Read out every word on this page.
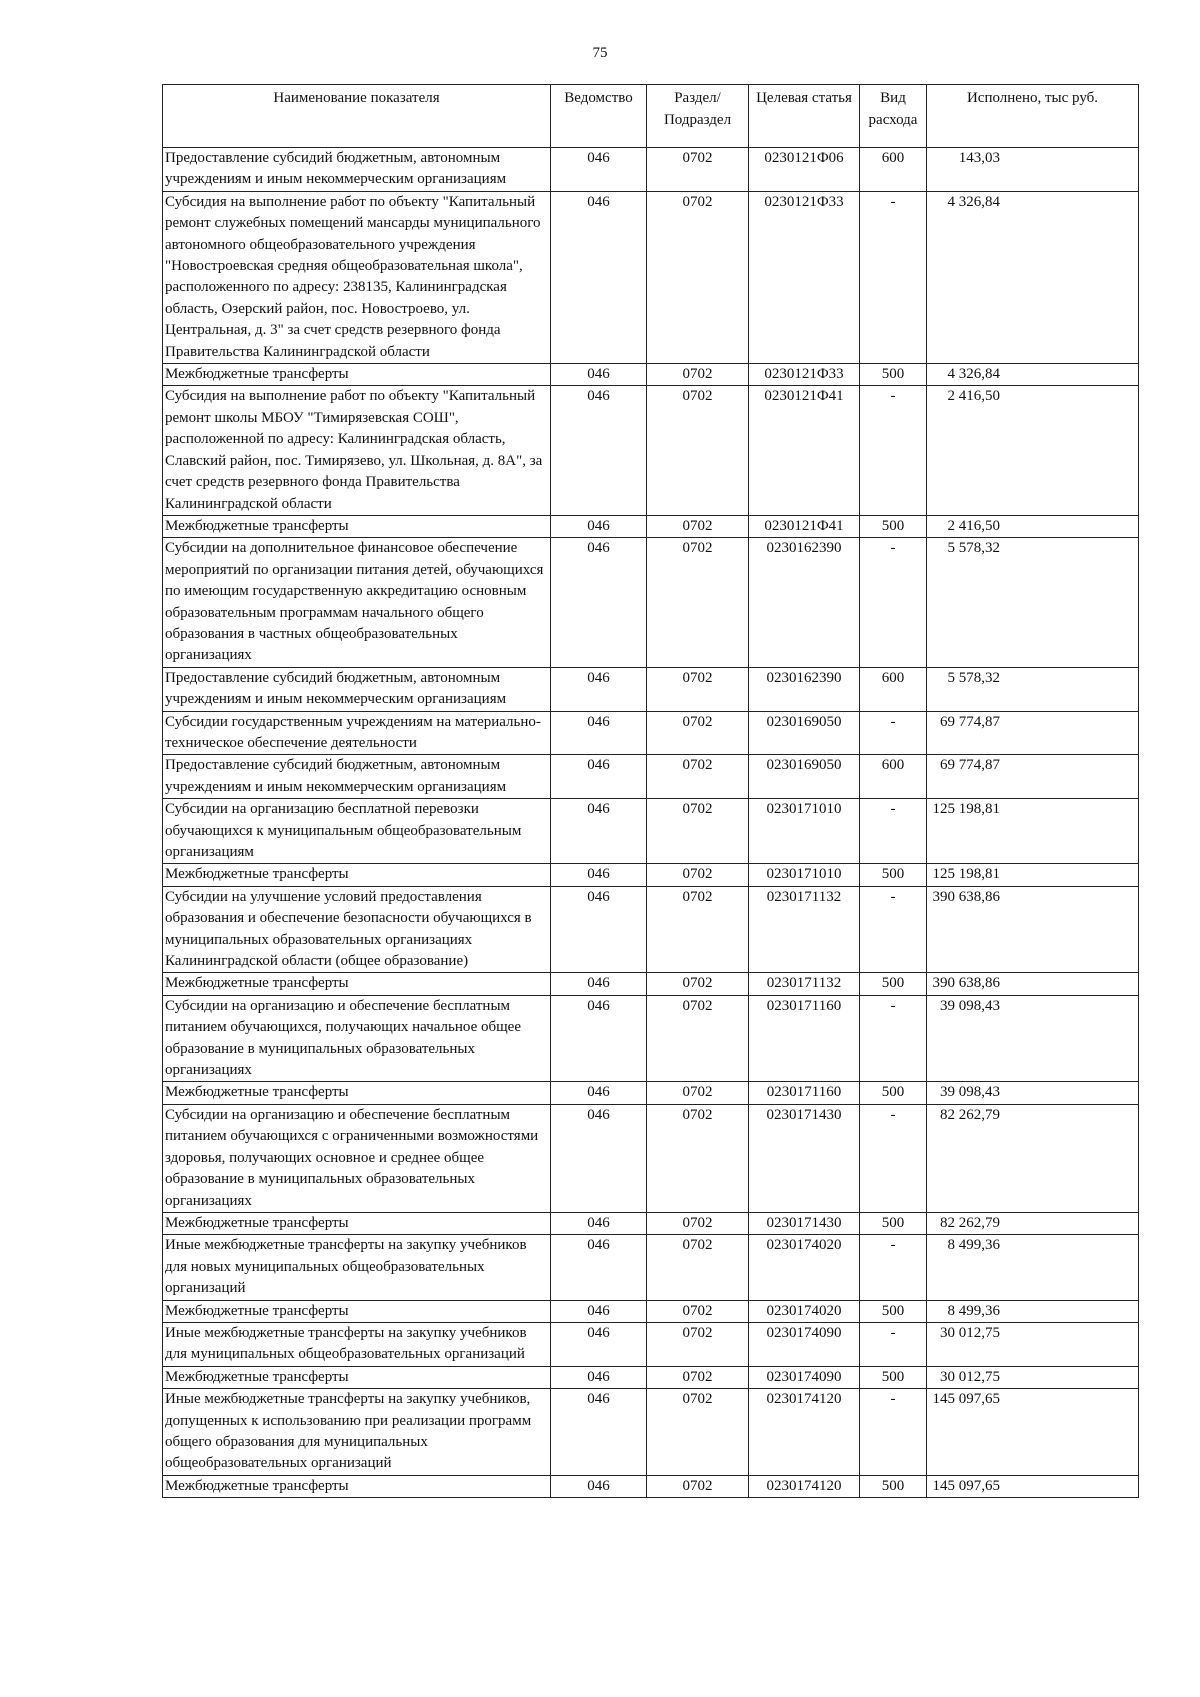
75
Наименование показателя	Ведомство	Раздел/ Подраздел	Целевая статья	Вид расхода	Исполнено, тыс руб.
Предоставление субсидий бюджетным, автономным учреждениям и иным некоммерческим организациям	046	0702	0230121Ф06	600	143,03
Субсидия на выполнение работ по объекту "Капитальный ремонт служебных помещений мансарды муниципального автономного общеобразовательного учреждения "Новостроевская средняя общеобразовательная школа", расположенного по адресу: 238135, Калининградская область, Озерский район, пос. Новостроево, ул. Центральная, д. 3" за счет средств резервного фонда Правительства Калининградской области	046	0702	0230121Ф33	-	4 326,84
Межбюджетные трансферты	046	0702	0230121Ф33	500	4 326,84
Субсидия на выполнение работ по объекту "Капитальный ремонт школы МБОУ "Тимирязевская СОШ", расположенной по адресу: Калининградская область, Славский район, пос. Тимирязево, ул. Школьная, д. 8А", за счет средств резервного фонда Правительства Калининградской области	046	0702	0230121Ф41	-	2 416,50
Межбюджетные трансферты	046	0702	0230121Ф41	500	2 416,50
Субсидии на дополнительное финансовое обеспечение мероприятий по организации питания детей, обучающихся по имеющим государственную аккредитацию основным образовательным программам начального общего образования в частных общеобразовательных организациях	046	0702	0230162390	-	5 578,32
Предоставление субсидий бюджетным, автономным учреждениям и иным некоммерческим организациям	046	0702	0230162390	600	5 578,32
Субсидии государственным учреждениям на материально-техническое обеспечение деятельности	046	0702	0230169050	-	69 774,87
Предоставление субсидий бюджетным, автономным учреждениям и иным некоммерческим организациям	046	0702	0230169050	600	69 774,87
Субсидии на организацию бесплатной перевозки обучающихся к муниципальным общеобразовательным организациям	046	0702	0230171010	-	125 198,81
Межбюджетные трансферты	046	0702	0230171010	500	125 198,81
Субсидии на улучшение условий предоставления образования и обеспечение безопасности обучающихся в муниципальных образовательных организациях Калининградской области (общее образование)	046	0702	0230171132	-	390 638,86
Межбюджетные трансферты	046	0702	0230171132	500	390 638,86
Субсидии на организацию и обеспечение бесплатным питанием обучающихся, получающих начальное общее образование в муниципальных образовательных организациях	046	0702	0230171160	-	39 098,43
Межбюджетные трансферты	046	0702	0230171160	500	39 098,43
Субсидии на организацию и обеспечение бесплатным питанием обучающихся с ограниченными возможностями здоровья, получающих основное и среднее общее образование в муниципальных образовательных организациях	046	0702	0230171430	-	82 262,79
Межбюджетные трансферты	046	0702	0230171430	500	82 262,79
Иные межбюджетные трансферты на закупку учебников для новых муниципальных общеобразовательных организаций	046	0702	0230174020	-	8 499,36
Межбюджетные трансферты	046	0702	0230174020	500	8 499,36
Иные межбюджетные трансферты на закупку учебников для муниципальных общеобразовательных организаций	046	0702	0230174090	-	30 012,75
Межбюджетные трансферты	046	0702	0230174090	500	30 012,75
Иные межбюджетные трансферты на закупку учебников, допущенных к использованию при реализации программ общего образования для муниципальных общеобразовательных организаций	046	0702	0230174120	-	145 097,65
Межбюджетные трансферты	046	0702	0230174120	500	145 097,65
